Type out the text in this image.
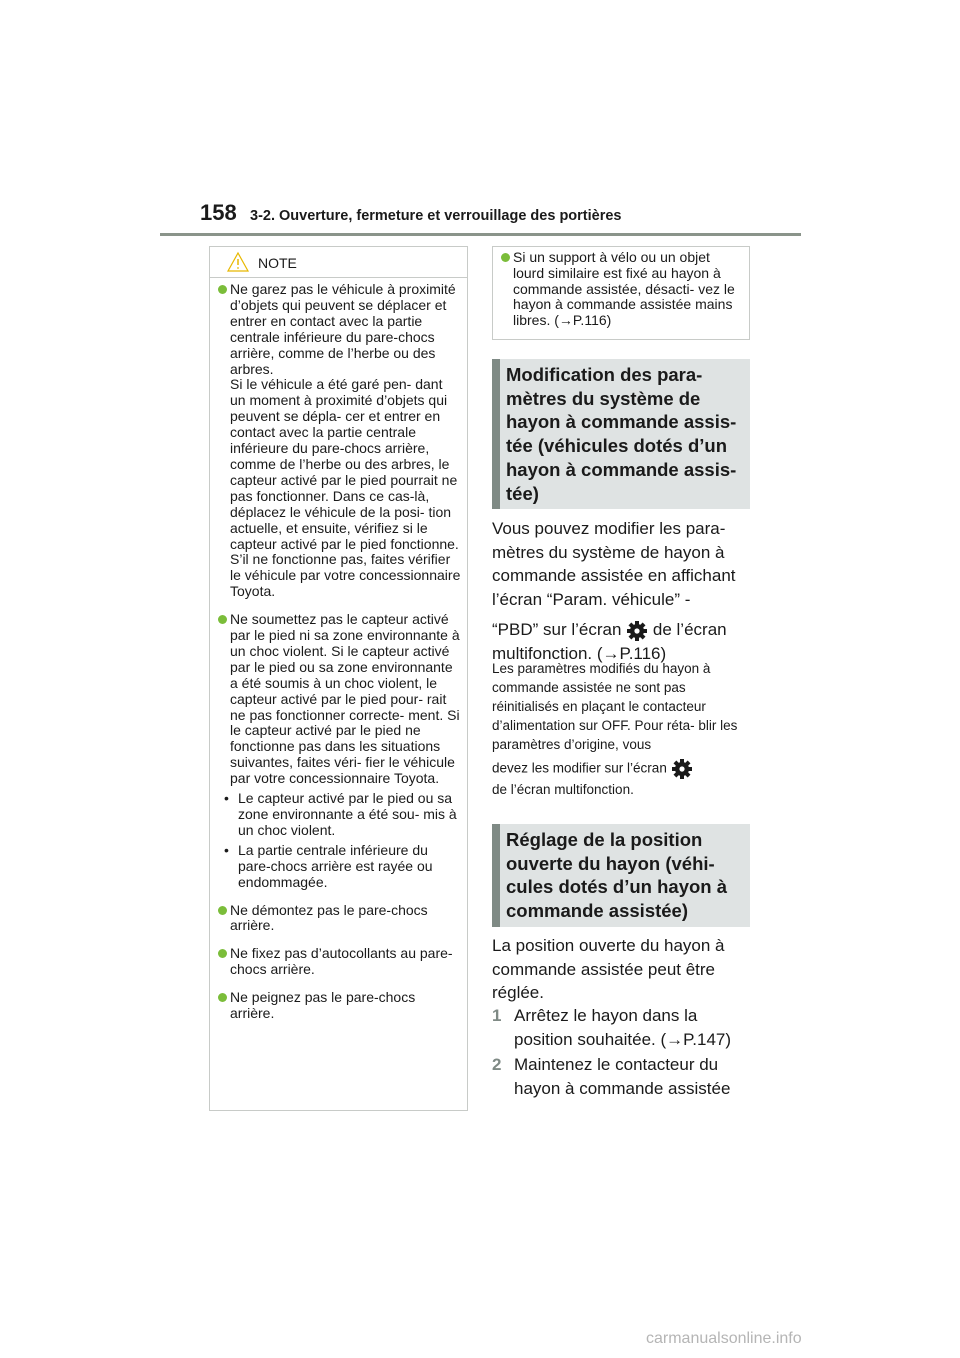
158 3-2. Ouverture, fermeture et verrouillage des portières
NOTE

Ne garez pas le véhicule à proximité d’objets qui peuvent se déplacer et entrer en contact avec la partie centrale inférieure du pare-chocs arrière, comme de l’herbe ou des arbres.

Si le véhicule a été garé pen- dant un moment à proximité d’objets qui peuvent se dépla- cer et entrer en contact avec la partie centrale inférieure du pare-chocs arrière, comme de l’herbe ou des arbres, le capteur activé par le pied pourrait ne pas fonctionner. Dans ce cas-là, déplacez le véhicule de la posi- tion actuelle, et ensuite, vérifiez si le capteur activé par le pied fonctionne. S’il ne fonctionne pas, faites vérifier le véhicule par votre concessionnaire Toyota.

Ne soumettez pas le capteur activé par le pied ni sa zone environnante à un choc violent. Si le capteur activé par le pied ou sa zone environnante a été soumis à un choc violent, le capteur activé par le pied pour- rait ne pas fonctionner correcte- ment. Si le capteur activé par le pied ne fonctionne pas dans les situations suivantes, faites véri- fier le véhicule par votre concessionnaire Toyota.

• Le capteur activé par le pied ou sa zone environnante a été sou- mis à un choc violent.

• La partie centrale inférieure du pare-chocs arrière est rayée ou endommagée.

Ne démontez pas le pare-chocs arrière.

Ne fixez pas d’autocollants au pare-chocs arrière.

Ne peignez pas le pare-chocs arrière.

Si un support à vélo ou un objet lourd similaire est fixé au hayon à commande assistée, désacti- vez le hayon à commande assistée mains libres. (→P.116)

Modification des para- mètres du système de hayon à commande assis- tée (véhicules dotés d’un hayon à commande assis- tée)

Vous pouvez modifier les para- mètres du système de hayon à commande assistée en affichant l’écran “Param. véhicule” -

“PBD” sur l’écran de l’écran multifonction. (→P.116)

Les paramètres modifiés du hayon à commande assistée ne sont pas réinitialisés en plaçant le contacteur d’alimentation sur OFF. Pour réta- blir les paramètres d’origine, vous

devez les modifier sur l’écran

de l’écran multifonction.

Réglage de la position ouverte du hayon (véhi- cules dotés d’un hayon à commande assistée)

La position ouverte du hayon à commande assistée peut être réglée.

1 Arrêtez le hayon dans la position souhaitée. (→P.147)

2 Maintenez le contacteur du hayon à commande assistée

carmanualsonline.info
